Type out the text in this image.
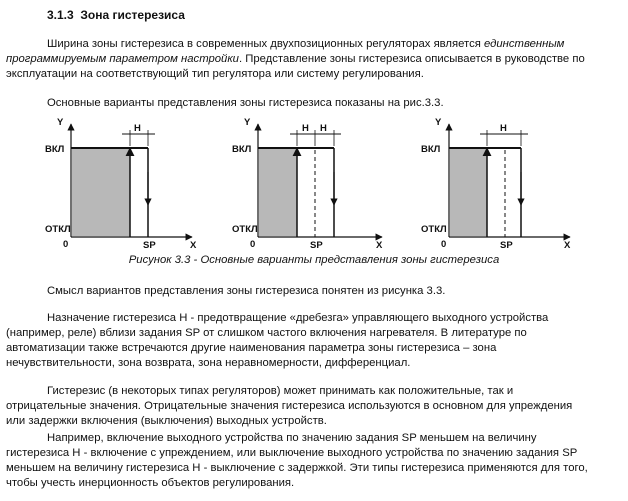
3.1.3 Зона гистерезиса
Ширина зоны гистерезиса в современных двухпозиционных регуляторах является единственным
программируемым параметром настройки. Представление зоны гистерезиса описывается в руководстве по
эксплуатации на соответствующий тип регулятора или систему регулирования.
Основные варианты представления зоны гистерезиса показаны на рис.3.3.
Y
ВКЛ
ОТКЛ
0	SP	X
H
Y
ВКЛ
ОТКЛ
0	SP	X
H H
Y
ВКЛ
ОТКЛ
0	SP	X
H
Рисунок 3.3 - Основные варианты представления зоны гистерезиса
Смысл вариантов представления зоны гистерезиса понятен из рисунка 3.3.
Назначение гистерезиса Н - предотвращение «дребезга» управляющего выходного устройства
(например, реле) вблизи задания SP от слишком частого включения нагревателя. В литературе по
автоматизации также встречаются другие наименования параметра зоны гистерезиса – зона
нечувствительности, зона возврата, зона неравномерности, дифференциал.
Гистерезис (в некоторых типах регуляторов) может принимать как положительные, так и
отрицательные значения. Отрицательные значения гистерезиса используются в основном для упреждения
или задержки включения (выключения) выходных устройств.
Например, включение выходного устройства по значению задания SP меньшем на величину
гистерезиса Н - включение с упреждением, или выключение выходного устройства по значению задания SP
меньшем на величину гистерезиса Н - выключение с задержкой. Эти типы гистерезиса применяются для того,
чтобы учесть инерционность объектов регулирования.
